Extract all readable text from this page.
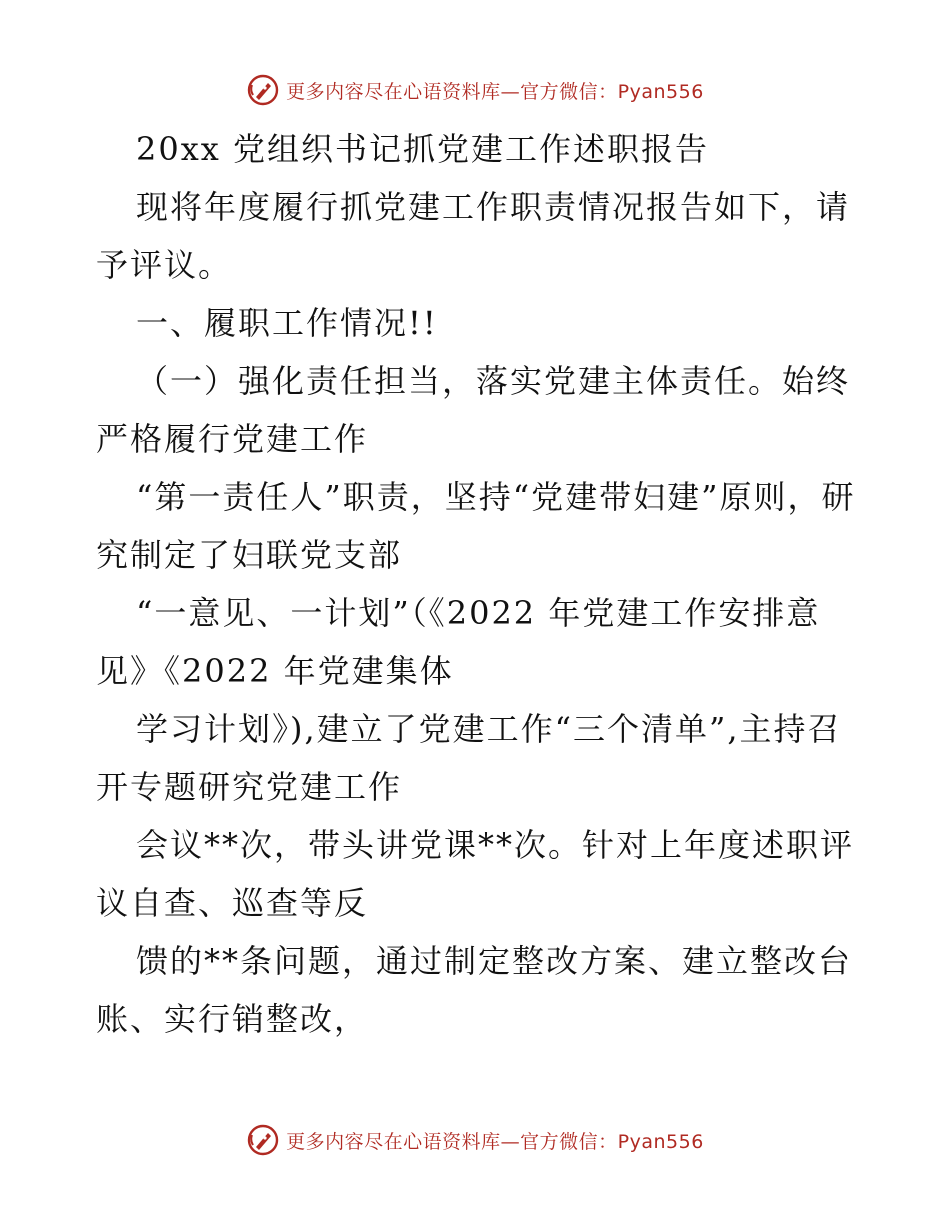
更多内容尽在心语资料库—官方微信：Pyan556

20xx 党组织书记抓党建工作述职报告

现将年度履行抓党建工作职责情况报告如下，请予评议。

一、履职工作情况!!

（一）强化责任担当，落实党建主体责任。始终严格履行党建工作

“第一责任人”职责，坚持“党建带妇建”原则，研究制定了妇联党支部

“一意见、一计划”（《2022 年党建工作安排意见》《2022 年党建集体

学习计划》),建立了党建工作“三个清单”,主持召开专题研究党建工作

会议**次，带头讲党课**次。针对上年度述职评议自查、巡查等反

馈的**条问题，通过制定整改方案、建立整改台账、实行销整改，

更多内容尽在心语资料库—官方微信：Pyan556
